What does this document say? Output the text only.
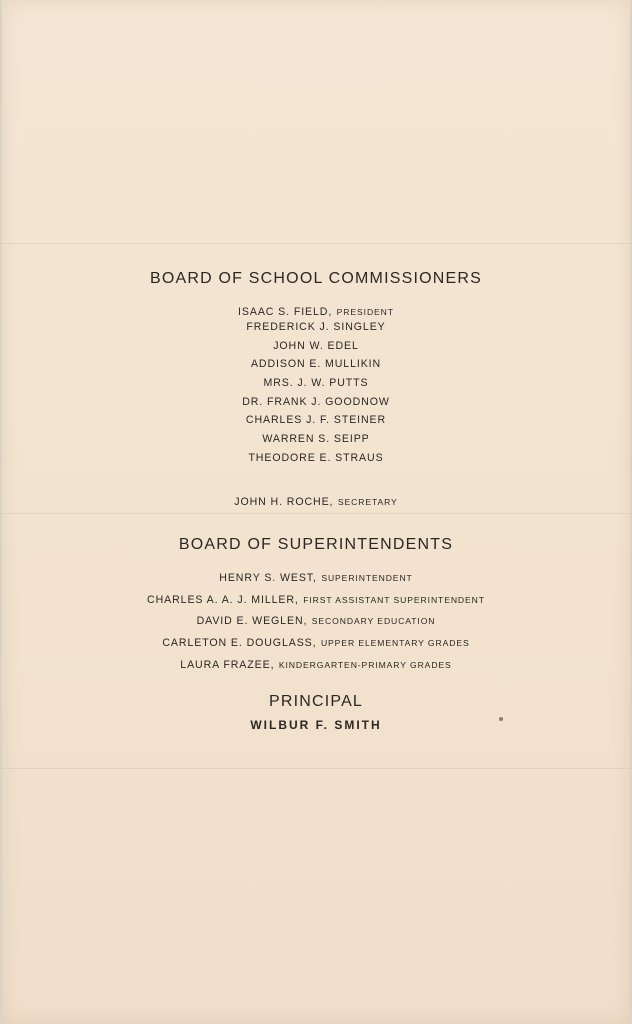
BOARD OF SCHOOL COMMISSIONERS
ISAAC S. FIELD, PRESIDENT
FREDERICK J. SINGLEY
JOHN W. EDEL
ADDISON E. MULLIKIN
MRS. J. W. PUTTS
DR. FRANK J. GOODNOW
CHARLES J. F. STEINER
WARREN S. SEIPP
THEODORE E. STRAUS
JOHN H. ROCHE, SECRETARY
BOARD OF SUPERINTENDENTS
HENRY S. WEST, SUPERINTENDENT
CHARLES A. A. J. MILLER, FIRST ASSISTANT SUPERINTENDENT
DAVID E. WEGLEN, SECONDARY EDUCATION
CARLETON E. DOUGLASS, UPPER ELEMENTARY GRADES
LAURA FRAZEE, KINDERGARTEN-PRIMARY GRADES
PRINCIPAL
WILBUR F. SMITH
